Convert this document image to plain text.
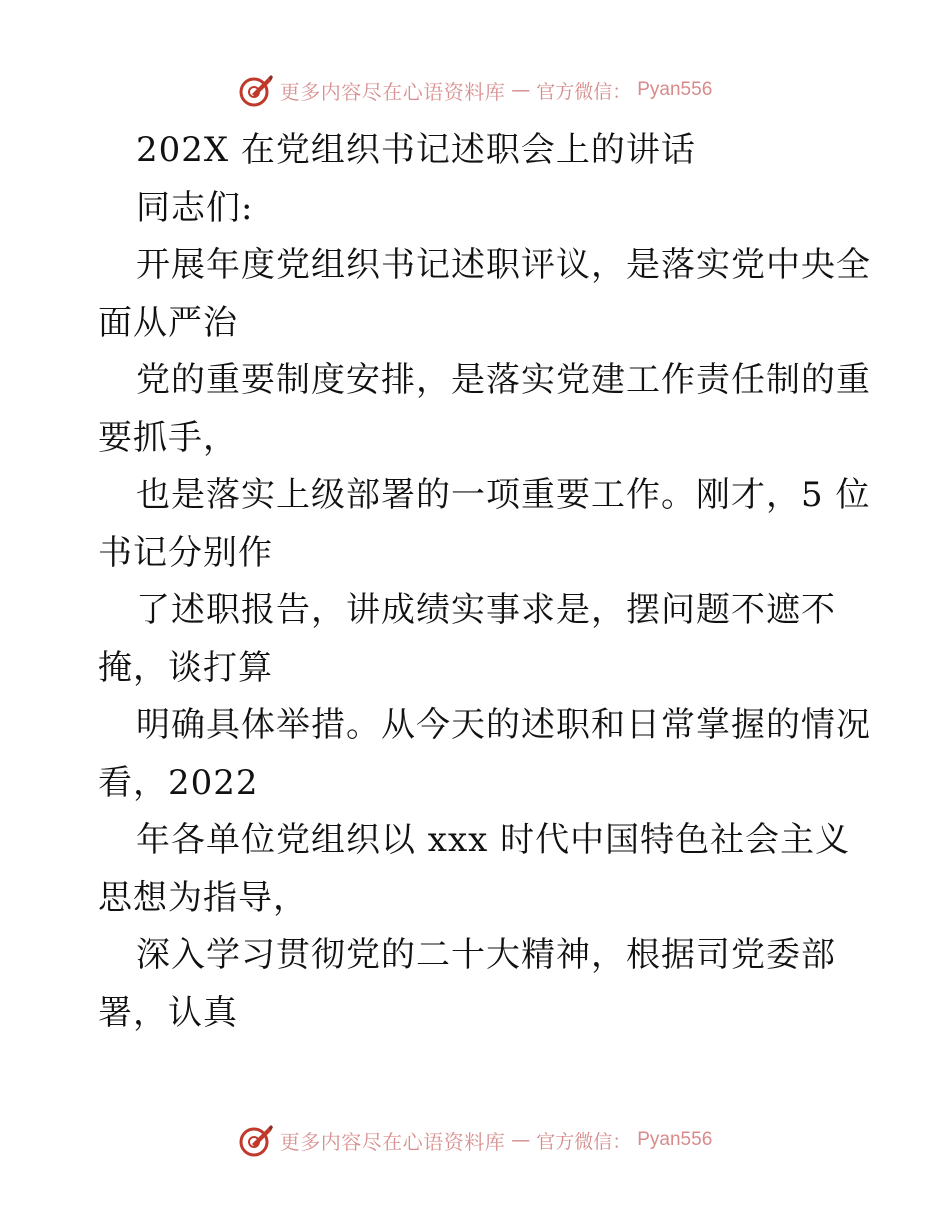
更多内容尽在心语资料库 — 官方微信： Pyan556
202X 在党组织书记述职会上的讲话
同志们:
开展年度党组织书记述职评议，是落实党中央全
面从严治
党的重要制度安排，是落实党建工作责任制的重
要抓手，
也是落实上级部署的一项重要工作。刚才，5 位
书记分别作
了述职报告，讲成绩实事求是，摆问题不遮不
掩，谈打算
明确具体举措。从今天的述职和日常掌握的情况
看，2022
年各单位党组织以 xxx 时代中国特色社会主义
思想为指导，
深入学习贯彻党的二十大精神，根据司党委部
署，认真
更多内容尽在心语资料库 — 官方微信： Pyan556
